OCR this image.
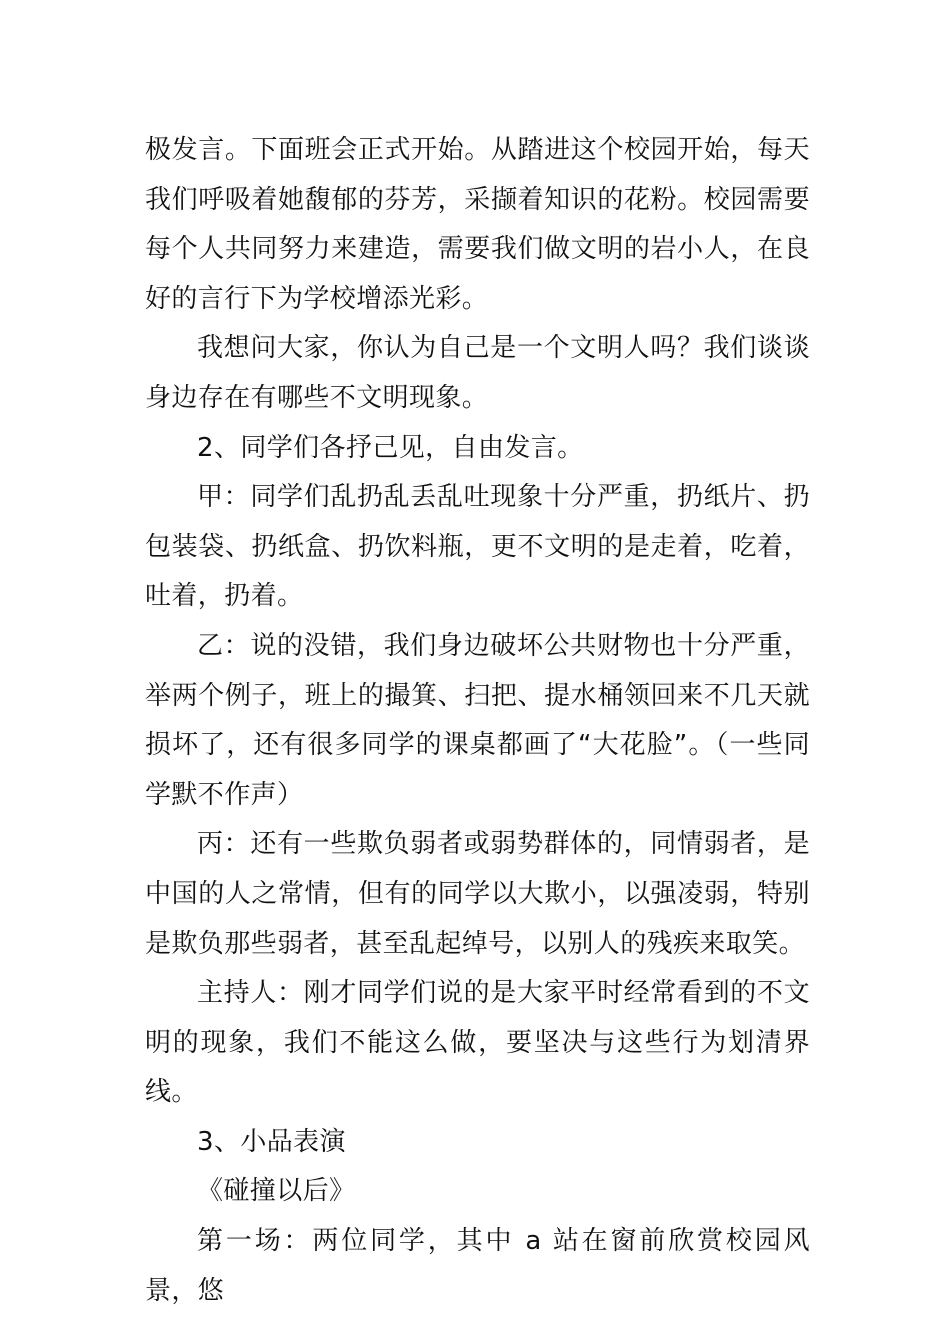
极发言。下面班会正式开始。从踏进这个校园开始，每天我们呼吸着她馥郁的芬芳，采撷着知识的花粉。校园需要每个人共同努力来建造，需要我们做文明的岩小人，在良好的言行下为学校增添光彩。

我想问大家，你认为自己是一个文明人吗？我们谈谈身边存在有哪些不文明现象。

2、同学们各抒己见，自由发言。

甲：同学们乱扔乱丢乱吐现象十分严重，扔纸片、扔包装袋、扔纸盒、扔饮料瓶，更不文明的是走着，吃着，吐着，扔着。

乙：说的没错，我们身边破坏公共财物也十分严重，举两个例子，班上的撮箕、扫把、提水桶领回来不几天就损坏了，还有很多同学的课桌都画了“大花脸”。（一些同学默不作声）

丙：还有一些欺负弱者或弱势群体的，同情弱者，是中国的人之常情，但有的同学以大欺小，以强凌弱，特别是欺负那些弱者，甚至乱起绰号，以别人的残疾来取笑。

主持人：刚才同学们说的是大家平时经常看到的不文明的现象，我们不能这么做，要坚决与这些行为划清界线。

3、小品表演

《碰撞以后》

第一场：两位同学，其中 a 站在窗前欣赏校园风景，悠
